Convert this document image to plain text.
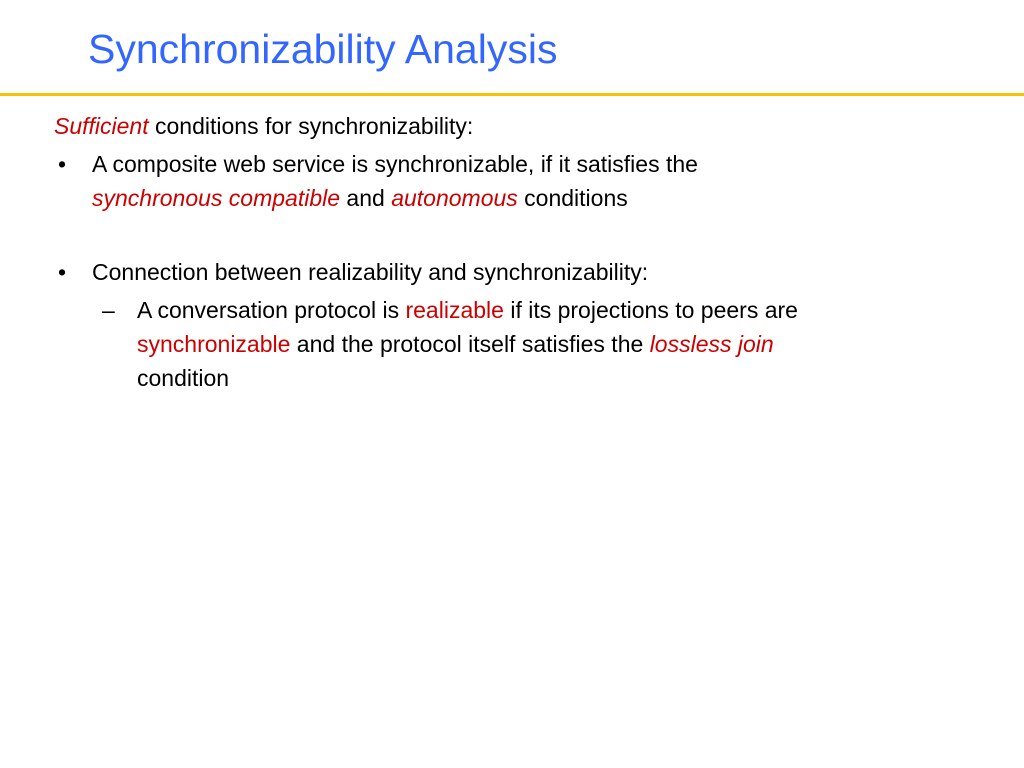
Synchronizability Analysis
Sufficient conditions for synchronizability:
• A composite web service is synchronizable, if it satisfies the
synchronous compatible and autonomous conditions
• Connection between realizability and synchronizability:
– A conversation protocol is realizable if its projections to peers are
synchronizable and the protocol itself satisfies the lossless join
condition
